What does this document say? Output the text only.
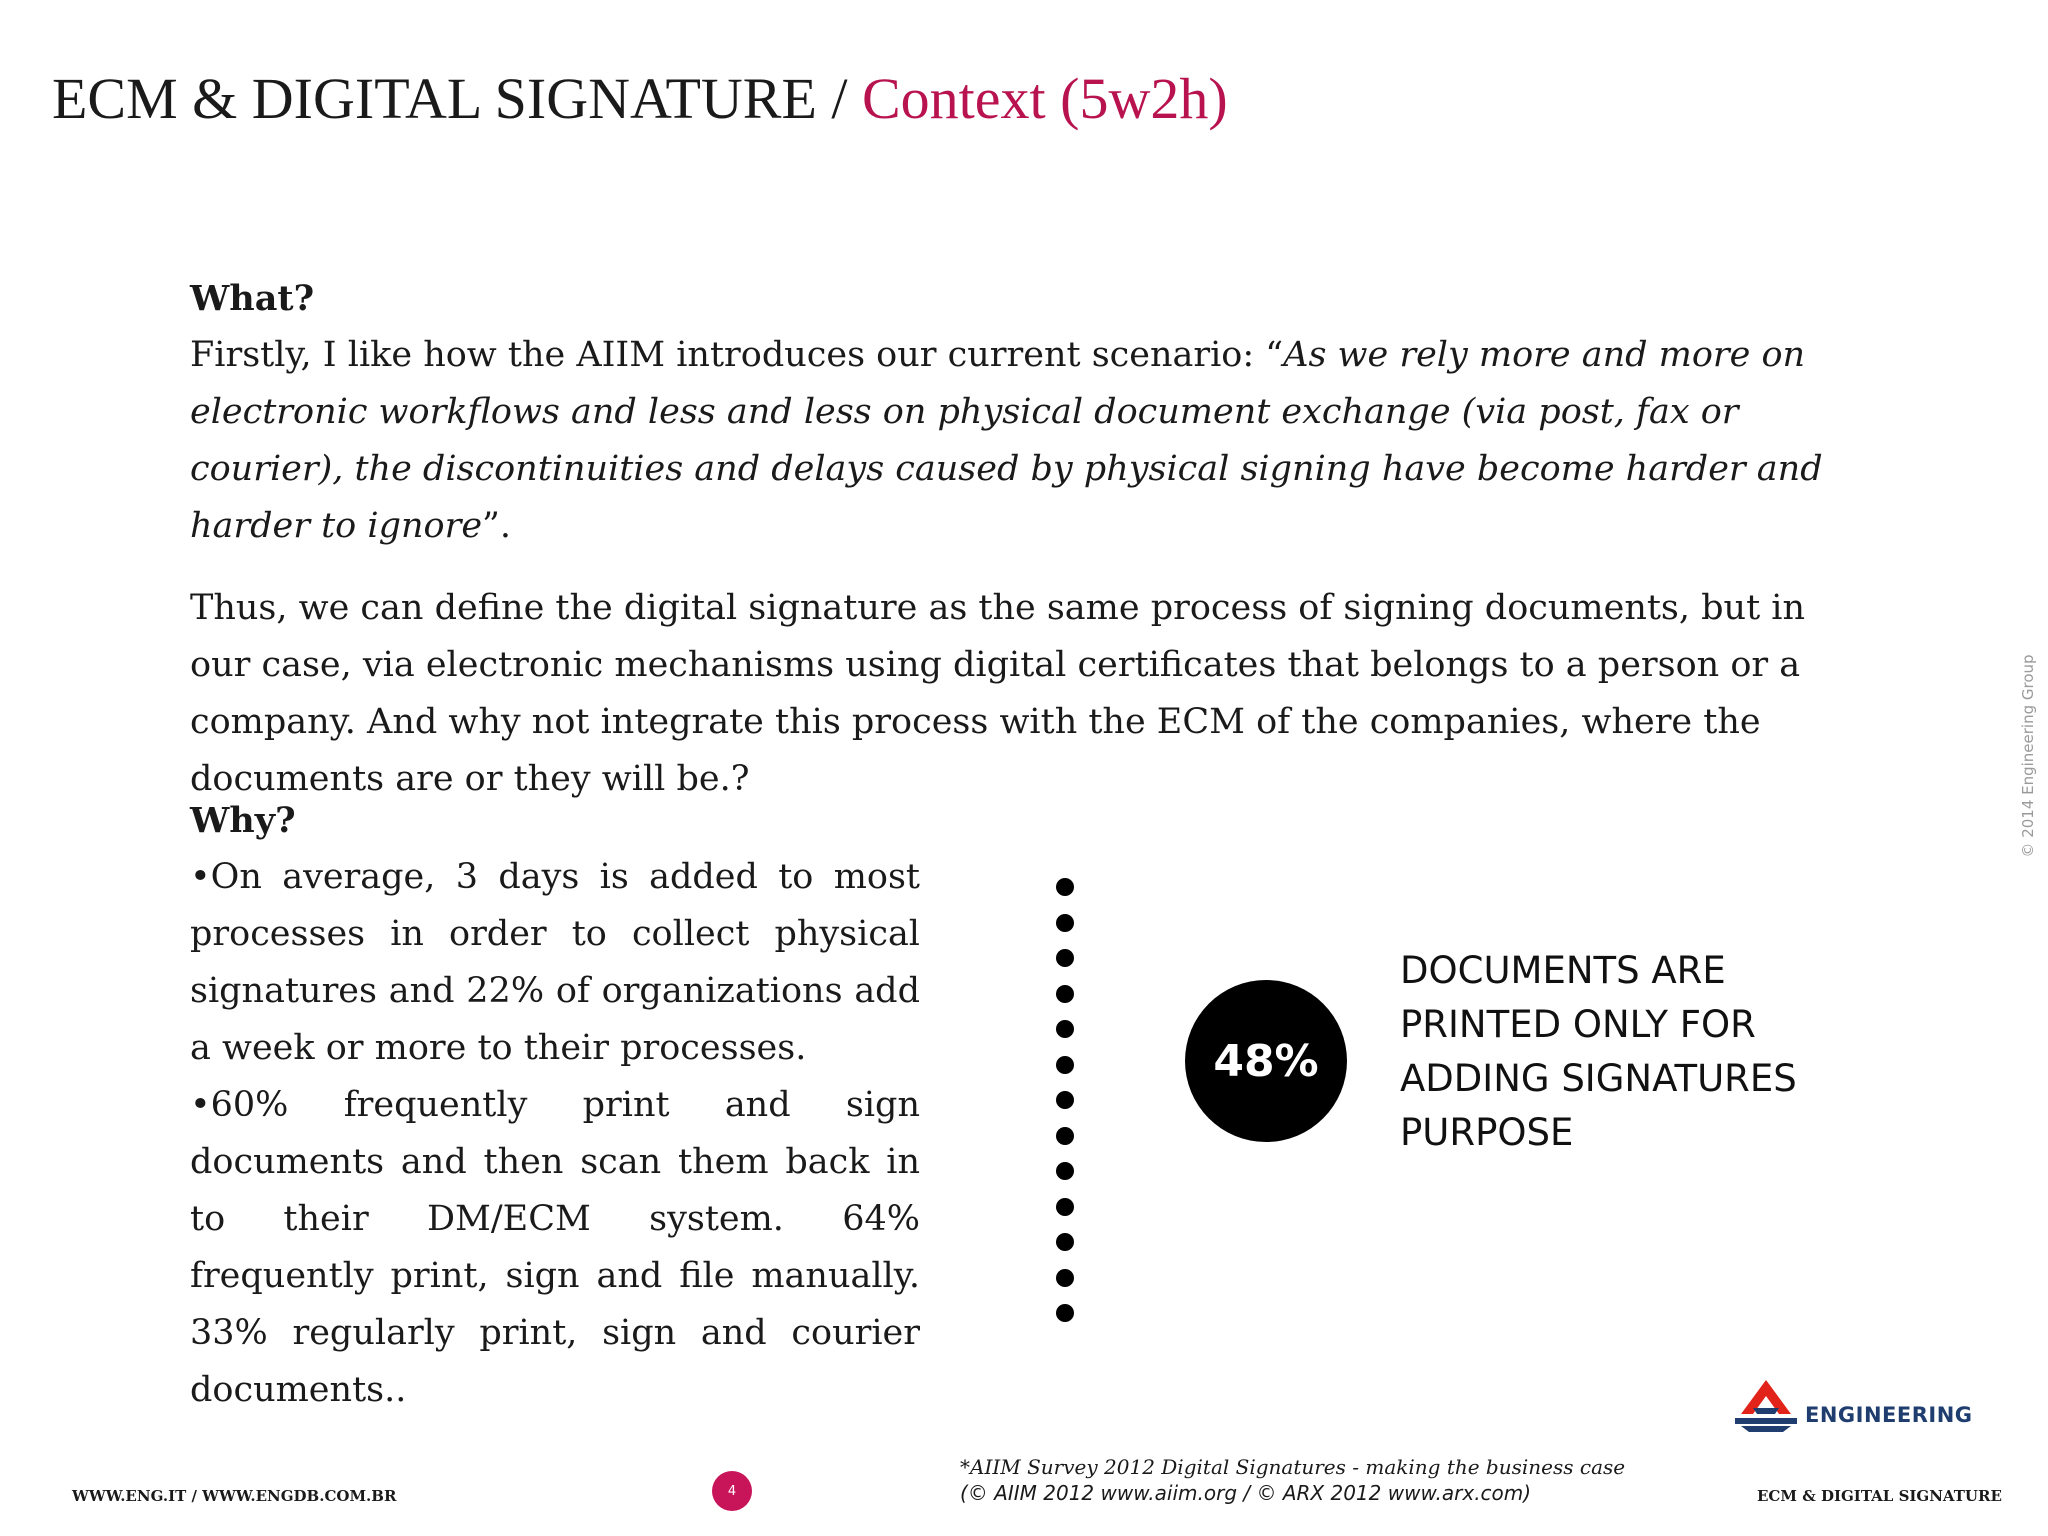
ECM & DIGITAL SIGNATURE / Context (5w2h)

What?

Firstly, I like how the AIIM introduces our current scenario: “As we rely more and more on electronic workflows and less and less on physical document exchange (via post, fax or courier), the discontinuities and delays caused by physical signing have become harder and harder to ignore”.

Thus, we can define the digital signature as the same process of signing documents, but in our case, via electronic mechanisms using digital certificates that belongs to a person or a company. And why not integrate this process with the ECM of the companies, where the documents are or they will be.?

Why?

•On average, 3 days is added to most processes in order to collect physical signatures and 22% of organizations add a week or more to their processes.

•60% frequently print and sign documents and then scan them back in to their DM/ECM system. 64% frequently print, sign and file manually. 33% regularly print, sign and courier documents..

48%
DOCUMENTS ARE
PRINTED ONLY FOR
ADDING SIGNATURES
PURPOSE
© 2014 Engineering Group
ENGINEERING
WWW.ENG.IT / WWW.ENGDB.COM.BR	4
*AIIM Survey 2012 Digital Signatures - making the business case
(© AIIM 2012 www.aiim.org / © ARX 2012 www.arx.com)	ECM & DIGITAL SIGNATURE
